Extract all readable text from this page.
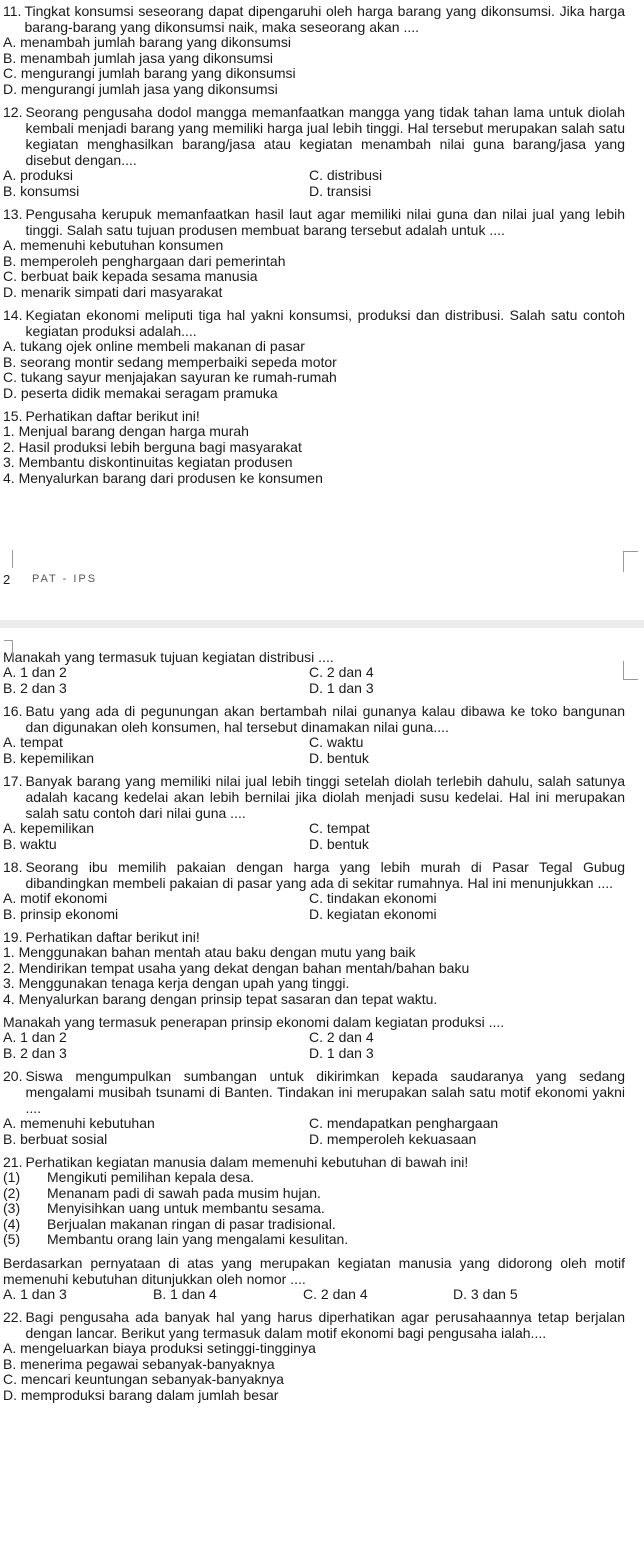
11. Tingkat konsumsi seseorang dapat dipengaruhi oleh harga barang yang dikonsumsi. Jika harga barang-barang yang dikonsumsi naik, maka seseorang akan ....
A. menambah jumlah barang yang dikonsumsi
B. menambah jumlah jasa yang dikonsumsi
C. mengurangi jumlah barang yang dikonsumsi
D. mengurangi jumlah jasa yang dikonsumsi
12. Seorang pengusaha dodol mangga memanfaatkan mangga yang tidak tahan lama untuk diolah kembali menjadi barang yang memiliki harga jual lebih tinggi. Hal tersebut merupakan salah satu kegiatan menghasilkan barang/jasa atau kegiatan menambah nilai guna barang/jasa yang disebut dengan....
A. produksi	C. distribusi
B. konsumsi	D. transisi
13. Pengusaha kerupuk memanfaatkan hasil laut agar memiliki nilai guna dan nilai jual yang lebih tinggi. Salah satu tujuan produsen membuat barang tersebut adalah untuk ....
A. memenuhi kebutuhan konsumen
B. memperoleh penghargaan dari pemerintah
C. berbuat baik kepada sesama manusia
D. menarik simpati dari masyarakat
14. Kegiatan ekonomi meliputi tiga hal yakni konsumsi, produksi dan distribusi. Salah satu contoh kegiatan produksi adalah....
A. tukang ojek online membeli makanan di pasar
B. seorang montir sedang memperbaiki sepeda motor
C. tukang sayur menjajakan sayuran ke rumah-rumah
D. peserta didik memakai seragam pramuka
15. Perhatikan daftar berikut ini!
1. Menjual barang dengan harga murah
2. Hasil produksi lebih berguna bagi masyarakat
3. Membantu diskontinuitas kegiatan produsen
4. Menyalurkan barang dari produsen ke konsumen
2 PAT - IPS
Manakah yang termasuk tujuan kegiatan distribusi ....
A. 1 dan 2	C. 2 dan 4
B. 2 dan 3	D. 1 dan 3
16. Batu yang ada di pegunungan akan bertambah nilai gunanya kalau dibawa ke toko bangunan dan digunakan oleh konsumen, hal tersebut dinamakan nilai guna....
A. tempat	C. waktu
B. kepemilikan	D. bentuk
17. Banyak barang yang memiliki nilai jual lebih tinggi setelah diolah terlebih dahulu, salah satunya adalah kacang kedelai akan lebih bernilai jika diolah menjadi susu kedelai. Hal ini merupakan salah satu contoh dari nilai guna ....
A. kepemilikan	C. tempat
B. waktu	D. bentuk
18. Seorang ibu memilih pakaian dengan harga yang lebih murah di Pasar Tegal Gubug dibandingkan membeli pakaian di pasar yang ada di sekitar rumahnya. Hal ini menunjukkan ....
A. motif ekonomi	C. tindakan ekonomi
B. prinsip ekonomi	D. kegiatan ekonomi
19. Perhatikan daftar berikut ini!
1. Menggunakan bahan mentah atau baku dengan mutu yang baik
2. Mendirikan tempat usaha yang dekat dengan bahan mentah/bahan baku
3. Menggunakan tenaga kerja dengan upah yang tinggi.
4. Menyalurkan barang dengan prinsip tepat sasaran dan tepat waktu.
Manakah yang termasuk penerapan prinsip ekonomi dalam kegiatan produksi ....
A. 1 dan 2	C. 2 dan 4
B. 2 dan 3	D. 1 dan 3
20. Siswa mengumpulkan sumbangan untuk dikirimkan kepada saudaranya yang sedang mengalami musibah tsunami di Banten. Tindakan ini merupakan salah satu motif ekonomi yakni ....
A. memenuhi kebutuhan	C. mendapatkan penghargaan
B. berbuat sosial	D. memperoleh kekuasaan
21. Perhatikan kegiatan manusia dalam memenuhi kebutuhan di bawah ini!
(1)	Mengikuti pemilihan kepala desa.
(2)	Menanam padi di sawah pada musim hujan.
(3)	Menyisihkan uang untuk membantu sesama.
(4)	Berjualan makanan ringan di pasar tradisional.
(5)	Membantu orang lain yang mengalami kesulitan.
Berdasarkan pernyataan di atas yang merupakan kegiatan manusia yang didorong oleh motif memenuhi kebutuhan ditunjukkan oleh nomor ....
A. 1 dan 3	B. 1 dan 4	C. 2 dan 4	D. 3 dan 5
22. Bagi pengusaha ada banyak hal yang harus diperhatikan agar perusahaannya tetap berjalan dengan lancar. Berikut yang termasuk dalam motif ekonomi bagi pengusaha ialah....
A. mengeluarkan biaya produksi setinggi-tingginya
B. menerima pegawai sebanyak-banyaknya
C. mencari keuntungan sebanyak-banyaknya
D. memproduksi barang dalam jumlah besar
